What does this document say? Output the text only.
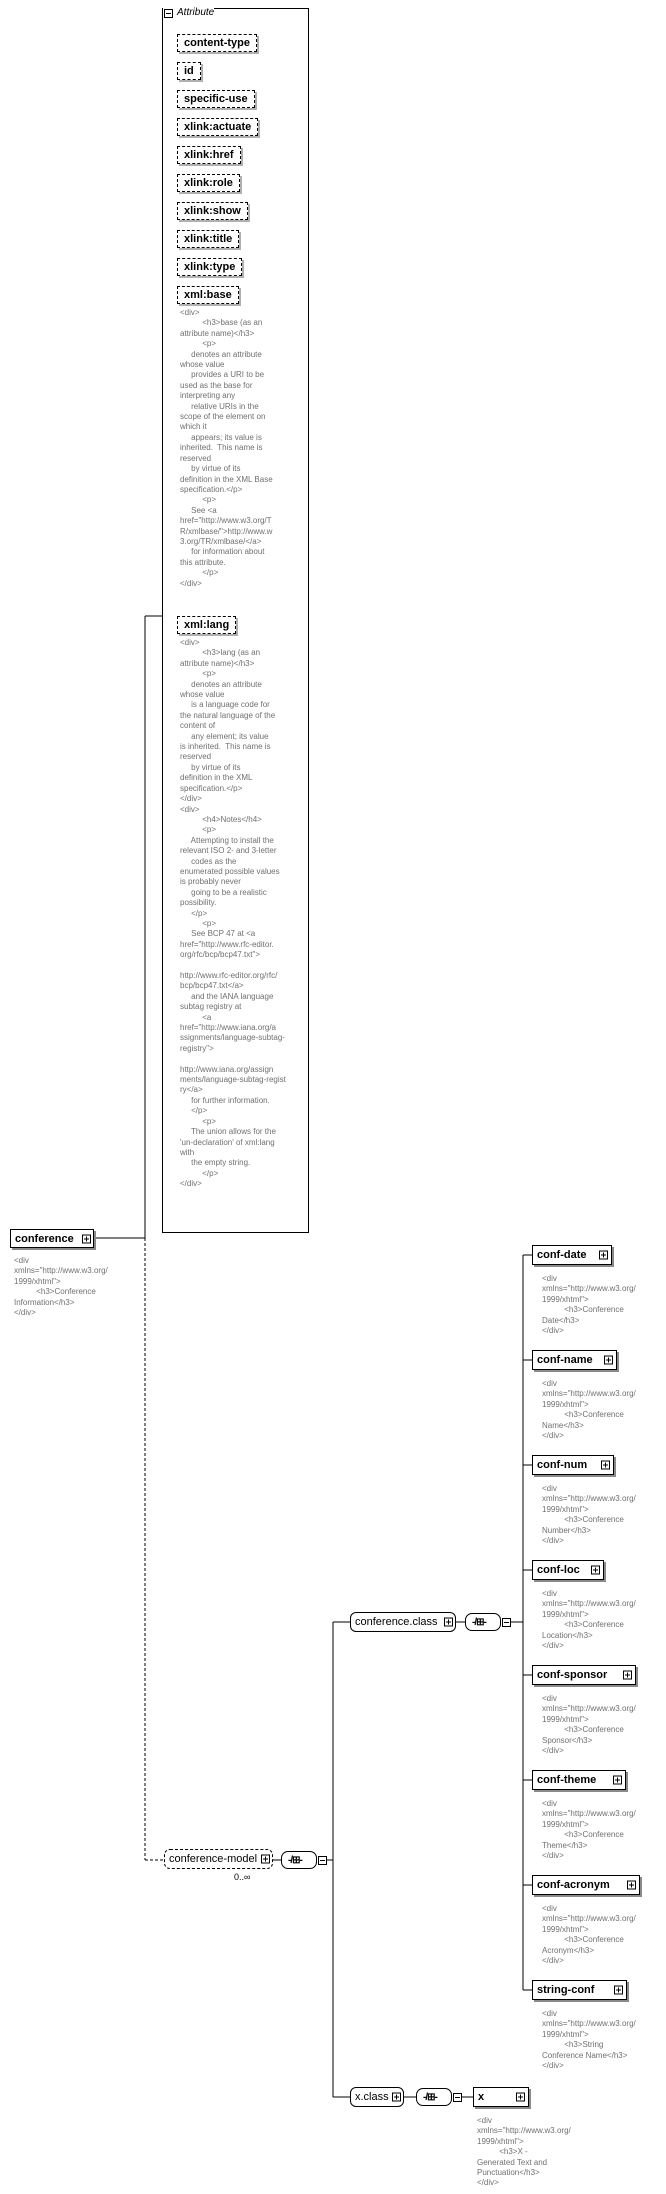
Attribute
content-type
id
specific-use
xlink:actuate
xlink:href
xlink:role
xlink:show
xlink:title
xlink:type
xml:base
<div>
<h3>base (as an
attribute name)</h3>
<p>
denotes an attribute
whose value
provides a URI to be
used as the base for
interpreting any
relative URIs in the
scope of the element on
which it
appears; its value is
inherited.  This name is
reserved
by virtue of its
definition in the XML Base
specification.</p>
<p>
See <a
href="http://www.w3.org/T
R/xmlbase/">http://www.w
3.org/TR/xmlbase/</a>
for information about
this attribute.
</p>
</div>
xml:lang
<div>
<h3>lang (as an
attribute name)</h3>
<p>
denotes an attribute
whose value
is a language code for
the natural language of the
content of
any element; its value
is inherited.  This name is
reserved
by virtue of its
definition in the XML
specification.</p>
</div>
<div>
<h4>Notes</h4>
<p>
Attempting to install the
relevant ISO 2- and 3-letter
codes as the
enumerated possible values
is probably never
going to be a realistic
possibility.
</p>
<p>
See BCP 47 at <a
href="http://www.rfc-editor.
org/rfc/bcp/bcp47.txt">

http://www.rfc-editor.org/rfc/
bcp/bcp47.txt</a>
and the IANA language
subtag registry at
<a
href="http://www.iana.org/a
ssignments/language-subtag-
registry">

http://www.iana.org/assign
ments/language-subtag-regist
ry</a>
for further information.
</p>
<p>
The union allows for the
'un-declaration' of xml:lang
with
the empty string.
</p>
</div>
conference
<div
xmlns="http://www.w3.org/
1999/xhtml">
<h3>Conference
Information</h3>
</div>
conference-model
0..∞
-/⊞-
conference.class	-/⊞-
conf-date
<div
xmlns="http://www.w3.org/
1999/xhtml">
<h3>Conference
Date</h3>
</div>
conf-name
<div
xmlns="http://www.w3.org/
1999/xhtml">
<h3>Conference
Name</h3>
</div>
conf-num
<div
xmlns="http://www.w3.org/
1999/xhtml">
<h3>Conference
Number</h3>
</div>
conf-loc
<div
xmlns="http://www.w3.org/
1999/xhtml">
<h3>Conference
Location</h3>
</div>
conf-sponsor
<div
xmlns="http://www.w3.org/
1999/xhtml">
<h3>Conference
Sponsor</h3>
</div>
conf-theme
<div
xmlns="http://www.w3.org/
1999/xhtml">
<h3>Conference
Theme</h3>
</div>
conf-acronym
<div
xmlns="http://www.w3.org/
1999/xhtml">
<h3>Conference
Acronym</h3>
</div>
string-conf
<div
xmlns="http://www.w3.org/
1999/xhtml">
<h3>String
Conference Name</h3>
</div>
x.class	-/⊞-	x
<div
xmlns="http://www.w3.org/
1999/xhtml">
<h3>X -
Generated Text and
Punctuation</h3>
</div>
